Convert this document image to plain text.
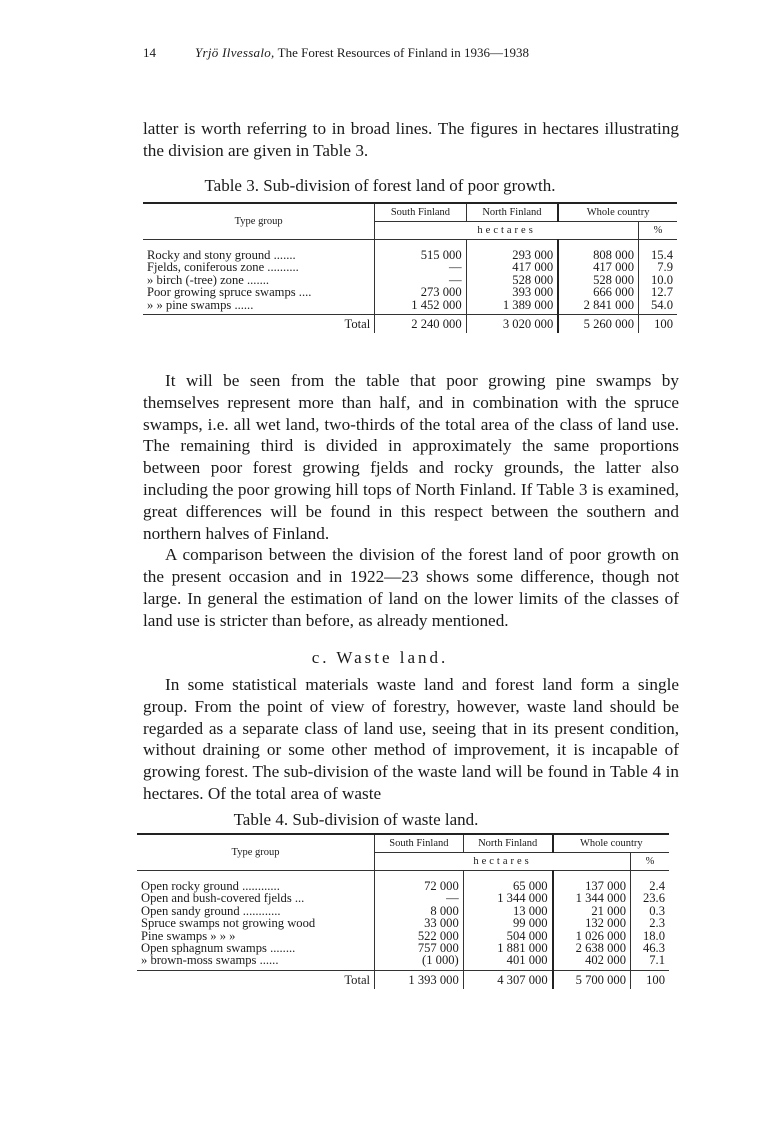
14	Yrjö Ilvessalo, The Forest Resources of Finland in 1936—1938

latter is worth referring to in broad lines. The figures in hectares illustrating the division are given in Table 3.

Table 3. Sub-division of forest land of poor growth.
Type group	South Finland	North Finland	Whole country	
	hectares			%
Rocky and stony ground .......	515 000	293 000	808 000	15.4
Fjelds, coniferous zone ..........	—	417 000	417 000	7.9
» birch (-tree) zone .......	—	528 000	528 000	10.0
Poor growing spruce swamps ....	273 000	393 000	666 000	12.7
» » pine swamps ......	1 452 000	1 389 000	2 841 000	54.0
Total	2 240 000	3 020 000	5 260 000	100

It will be seen from the table that poor growing pine swamps by themselves represent more than half, and in combination with the spruce swamps, i.e. all wet land, two-thirds of the total area of the class of land use. The remaining third is divided in approximately the same proportions between poor forest growing fjelds and rocky grounds, the latter also including the poor growing hill tops of North Finland. If Table 3 is examined, great differences will be found in this respect between the southern and northern halves of Finland.

A comparison between the division of the forest land of poor growth on the present occasion and in 1922—23 shows some difference, though not large. In general the estimation of land on the lower limits of the classes of land use is stricter than before, as already mentioned.

c. Waste land.

In some statistical materials waste land and forest land form a single group. From the point of view of forestry, however, waste land should be regarded as a separate class of land use, seeing that in its present condition, without draining or some other method of improvement, it is incapable of growing forest. The sub-division of the waste land will be found in Table 4 in hectares. Of the total area of waste

Table 4. Sub-division of waste land.
Type group	South Finland	North Finland	Whole country	
	hectares			%
Open rocky ground ............	72 000	65 000	137 000	2.4
Open and bush-covered fjelds ...	—	1 344 000	1 344 000	23.6
Open sandy ground ............	8 000	13 000	21 000	0.3
Spruce swamps not growing wood	33 000	99 000	132 000	2.3
Pine swamps » » »	522 000	504 000	1 026 000	18.0
Open sphagnum swamps ........	757 000	1 881 000	2 638 000	46.3
» brown-moss swamps ......	(1 000)	401 000	402 000	7.1
Total	1 393 000	4 307 000	5 700 000	100
